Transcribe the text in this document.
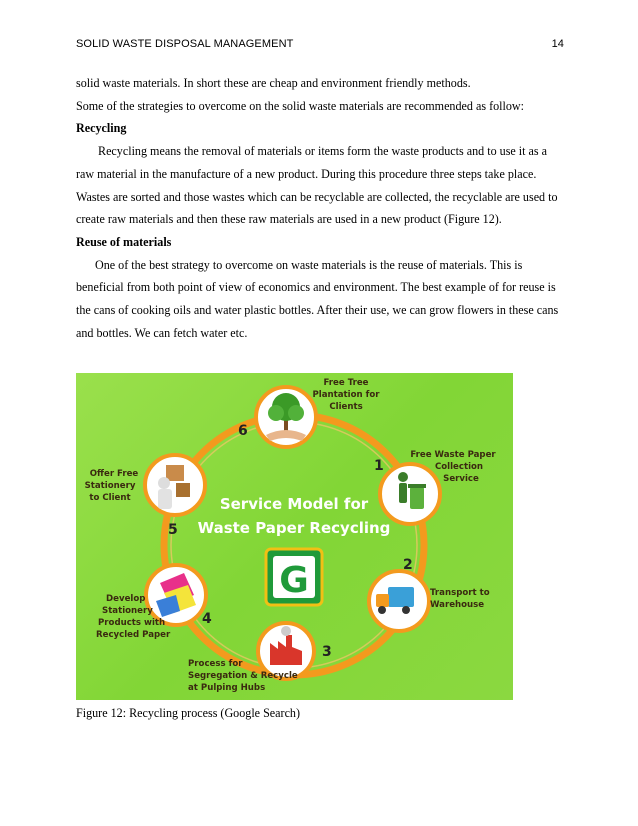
SOLID WASTE DISPOSAL MANAGEMENT	14

solid waste materials. In short these are cheap and environment friendly methods.

Some of the strategies to overcome on the solid waste materials are recommended as follow:

Recycling

Recycling means the removal of materials or items form the waste products and to use it as a raw material in the manufacture of a new product. During this procedure three steps take place. Wastes are sorted and those wastes which can be recyclable are collected, the recyclable are used to create raw materials and then these raw materials are used in a new product (Figure 12).

Reuse of materials

One of the best strategy to overcome on waste materials is the reuse of materials. This is beneficial from both point of view of economics and environment. The best example of for reuse is the cans of cooking oils and water plastic bottles. After their use, we can grow flowers in these cans and bottles. We can fetch water etc.

Service Model for
Waste Paper Recycling
G
6
Free Tree
Plantation for
Clients
1
Free Waste Paper
Collection
Service
2
Transport to
Warehouse
3
Process for
Segregation & Recycle
at Pulping Hubs
4
Develop
Stationery
Products with
Recycled Paper
5
Offer Free
Stationery
to Client
Figure 12: Recycling process (Google Search)
